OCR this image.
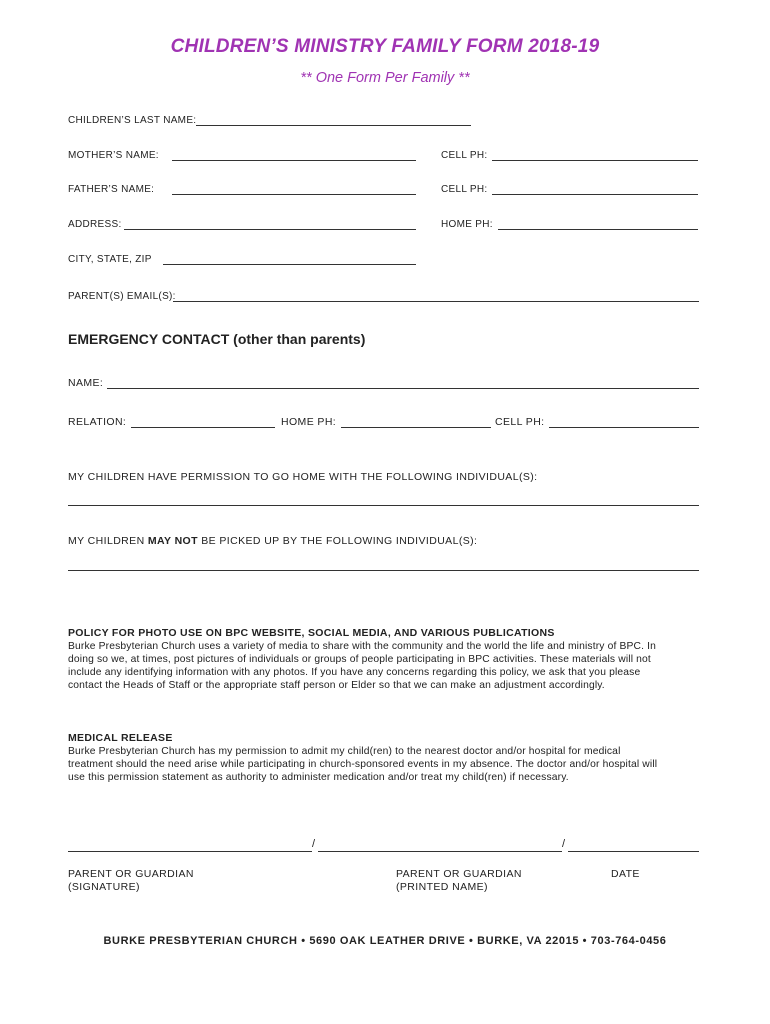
CHILDREN’S MINISTRY FAMILY FORM 2018-19
** One Form Per Family **
CHILDREN’S LAST NAME:
MOTHER’S NAME:	CELL PH:
FATHER’S NAME:	CELL PH:
ADDRESS:	HOME PH:
CITY, STATE, ZIP
PARENT(S) EMAIL(S):
EMERGENCY CONTACT (other than parents)
NAME:
RELATION:	HOME PH:	CELL PH:
MY CHILDREN HAVE PERMISSION TO GO HOME WITH THE FOLLOWING INDIVIDUAL(S):
MY CHILDREN MAY NOT BE PICKED UP BY THE FOLLOWING INDIVIDUAL(S):
POLICY FOR PHOTO USE ON BPC WEBSITE, SOCIAL MEDIA, AND VARIOUS PUBLICATIONS
Burke Presbyterian Church uses a variety of media to share with the community and the world the life and ministry of BPC. In
doing so we, at times, post pictures of individuals or groups of people participating in BPC activities. These materials will not
include any identifying information with any photos. If you have any concerns regarding this policy, we ask that you please
contact the Heads of Staff or the appropriate staff person or Elder so that we can make an adjustment accordingly.
MEDICAL RELEASE
Burke Presbyterian Church has my permission to admit my child(ren) to the nearest doctor and/or hospital for medical
treatment should the need arise while participating in church-sponsored events in my absence. The doctor and/or hospital will
use this permission statement as authority to administer medication and/or treat my child(ren) if necessary.
/	/
PARENT OR GUARDIAN
(SIGNATURE)
PARENT OR GUARDIAN
(PRINTED NAME)
DATE
BURKE PRESBYTERIAN CHURCH • 5690 OAK LEATHER DRIVE • BURKE, VA 22015 • 703-764-0456
